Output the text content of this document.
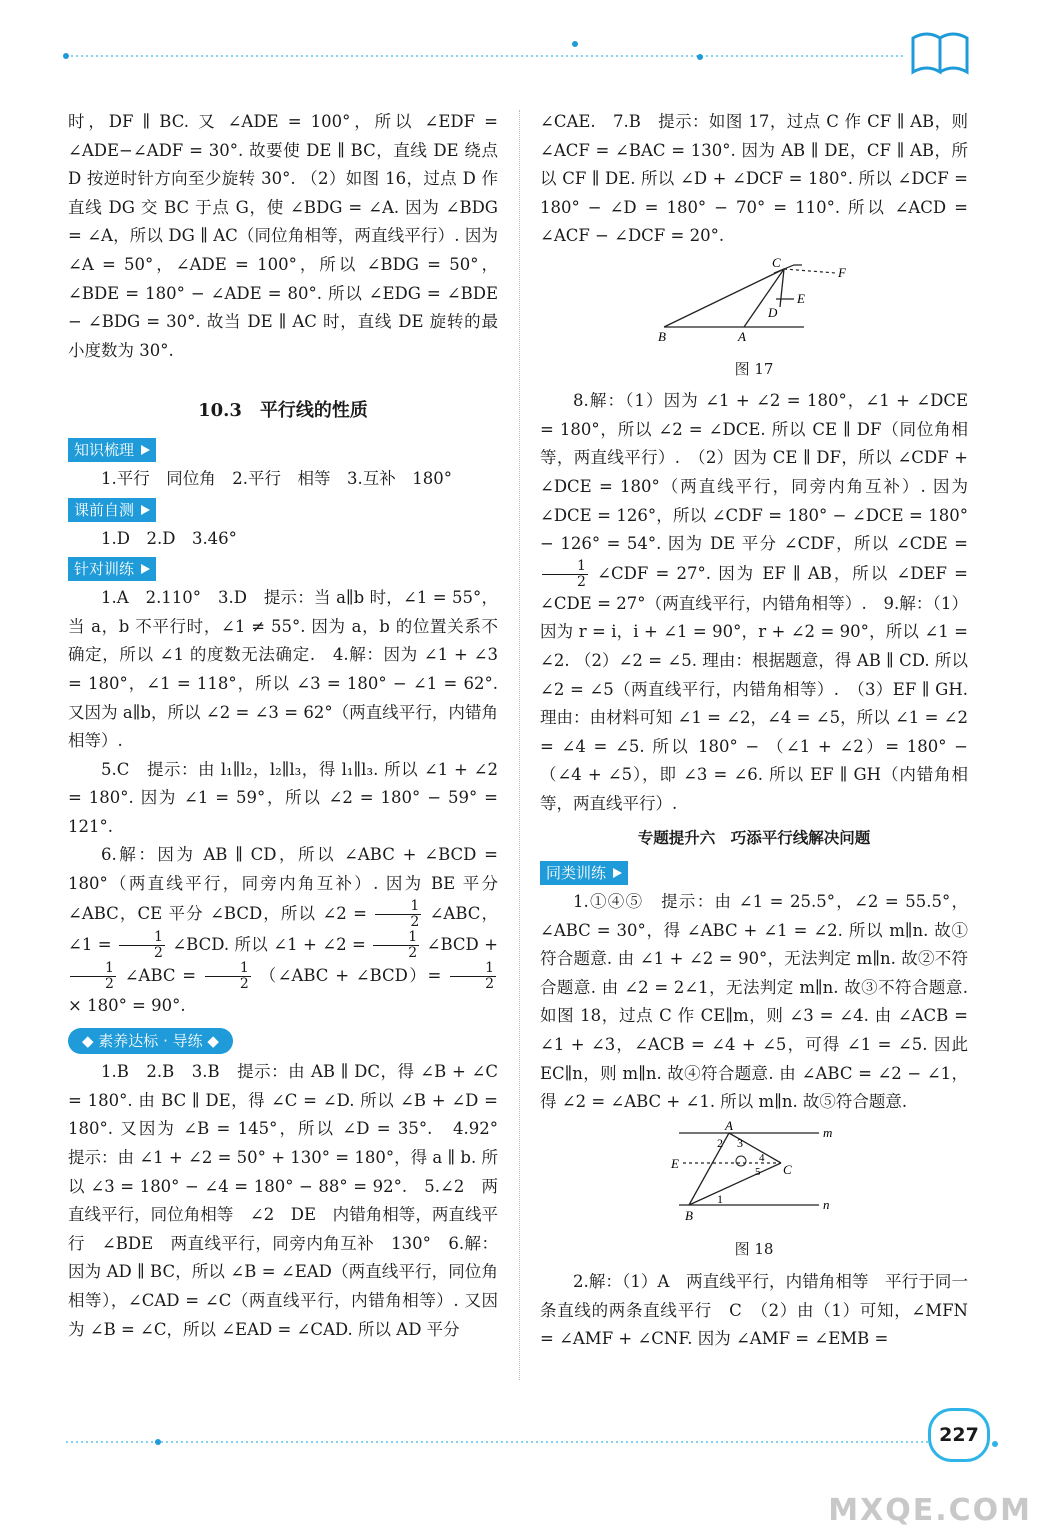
时，DF ∥ BC. 又 ∠ADE = 100°，所以 ∠EDF = ∠ADE−∠ADF = 30°. 故要使 DE ∥ BC，直线 DE 绕点 D 按逆时针方向至少旋转 30°. （2）如图 16，过点 D 作直线 DG 交 BC 于点 G，使 ∠BDG = ∠A. 因为 ∠BDG = ∠A，所以 DG ∥ AC（同位角相等，两直线平行）. 因为 ∠A = 50°，∠ADE = 100°，所以 ∠BDG = 50°，∠BDE = 180° − ∠ADE = 80°. 所以 ∠EDG = ∠BDE − ∠BDG = 30°. 故当 DE ∥ AC 时，直线 DE 旋转的最小度数为 30°.

10.3　平行线的性质
知识梳理

1.平行　同位角　2.平行　相等　3.互补　180°

课前自测

1.D　2.D　3.46°

针对训练

1.A　2.110°　3.D　提示：当 a∥b 时，∠1 = 55°，当 a，b 不平行时，∠1 ≠ 55°. 因为 a，b 的位置关系不确定，所以 ∠1 的度数无法确定.　4.解：因为 ∠1 + ∠3 = 180°，∠1 = 118°，所以 ∠3 = 180° − ∠1 = 62°. 又因为 a∥b，所以 ∠2 = ∠3 = 62°（两直线平行，内错角相等）.

5.C　提示：由 l₁∥l₂，l₂∥l₃，得 l₁∥l₃. 所以 ∠1 + ∠2 = 180°. 因为 ∠1 = 59°，所以 ∠2 = 180° − 59° = 121°.

6.解：因为 AB ∥ CD，所以 ∠ABC + ∠BCD = 180°（两直线平行，同旁内角互补）. 因为 BE 平分 ∠ABC，CE 平分 ∠BCD，所以 ∠2 = $\frac{1}{2}$ ∠ABC，∠1 = $\frac{1}{2}$ ∠BCD. 所以 ∠1 + ∠2 = $\frac{1}{2}$ ∠BCD +
$\frac{1}{2}$ ∠ABC = $\frac{1}{2}$ （∠ABC + ∠BCD）= $\frac{1}{2}$
× 180° = 90°.

◆ 素养达标 · 导练 ◆

1.B　2.B　3.B　提示：由 AB ∥ DC，得 ∠B + ∠C = 180°. 由 BC ∥ DE，得 ∠C = ∠D. 所以 ∠B + ∠D = 180°. 又因为 ∠B = 145°，所以 ∠D = 35°.　4.92°　提示：由 ∠1 + ∠2 = 50° + 130° = 180°，得 a ∥ b. 所以 ∠3 = 180° − ∠4 = 180° − 88° = 92°.　5.∠2　两直线平行，同位角相等　∠2　DE　内错角相等，两直线平行　∠BDE　两直线平行，同旁内角互补　130°　6.解：因为 AD ∥ BC，所以 ∠B = ∠EAD（两直线平行，同位角相等），∠CAD = ∠C（两直线平行，内错角相等）. 又因为 ∠B = ∠C，所以 ∠EAD = ∠CAD. 所以 AD 平分

∠CAE.　7.B　提示：如图 17，过点 C 作 CF ∥ AB，则 ∠ACF = ∠BAC = 130°. 因为 AB ∥ DE，CF ∥ AB，所以 CF ∥ DE. 所以 ∠D + ∠DCF = 180°. 所以 ∠DCF = 180° − ∠D = 180° − 70° = 110°. 所以 ∠ACD = ∠ACF − ∠DCF = 20°.

C
F
E
D
B	A
图 17

8.解：（1）因为 ∠1 + ∠2 = 180°，∠1 + ∠DCE = 180°，所以 ∠2 = ∠DCE. 所以 CE ∥ DF（同位角相等，两直线平行）.　（2）因为 CE ∥ DF，所以 ∠CDF + ∠DCE = 180°（两直线平行，同旁内角互补）. 因为 ∠DCE = 126°，所以 ∠CDF = 180° − ∠DCE = 180° − 126° = 54°. 因为 DE 平分 ∠CDF，所以 ∠CDE =
$\frac{1}{2}$ ∠CDF = 27°. 因为 EF ∥ AB，所以 ∠DEF = ∠CDE = 27°（两直线平行，内错角相等）.　9.解：（1）因为 r = i，i + ∠1 = 90°，r + ∠2 = 90°，所以 ∠1 = ∠2. （2）∠2 = ∠5. 理由：根据题意，得 AB ∥ CD. 所以 ∠2 = ∠5（两直线平行，内错角相等）.　（3）EF ∥ GH. 理由：由材料可知 ∠1 = ∠2，∠4 = ∠5，所以 ∠1 = ∠2 = ∠4 = ∠5. 所以 180° − （∠1 + ∠2）= 180° − （∠4 + ∠5），即 ∠3 = ∠6. 所以 EF ∥ GH（内错角相等，两直线平行）.

专题提升六　巧添平行线解决问题
同类训练

1.①④⑤　提示：由 ∠1 = 25.5°，∠2 = 55.5°，∠ABC = 30°，得 ∠ABC + ∠1 = ∠2. 所以 m∥n. 故①符合题意. 由 ∠1 + ∠2 = 90°，无法判定 m∥n. 故②不符合题意. 由 ∠2 = 2∠1，无法判定 m∥n. 故③不符合题意. 如图 18，过点 C 作 CE∥m，则 ∠3 = ∠4. 由 ∠ACB = ∠1 + ∠3，∠ACB = ∠4 + ∠5，可得 ∠1 = ∠5. 因此 EC∥n，则 m∥n. 故④符合题意. 由 ∠ABC = ∠2 − ∠1，得 ∠2 = ∠ABC + ∠1. 所以 m∥n. 故⑤符合题意.

A	m
E	C
B
n
1
2 3
4
5
图 18

2.解：（1）A　两直线平行，内错角相等　平行于同一条直线的两条直线平行　C　（2）由（1）可知，∠MFN = ∠AMF + ∠CNF. 因为 ∠AMF = ∠EMB =

227
MXQE.COM
